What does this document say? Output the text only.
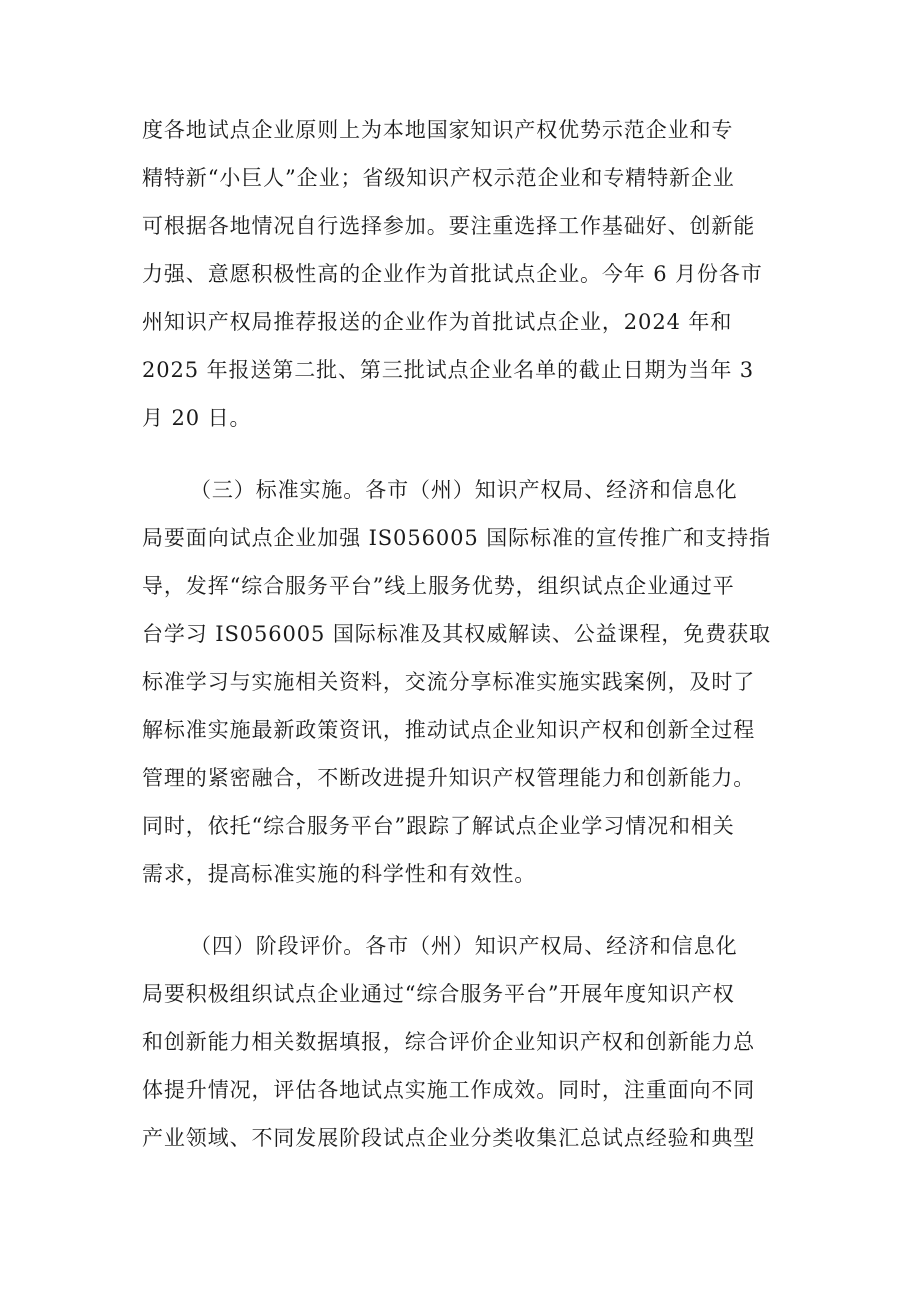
度各地试点企业原则上为本地国家知识产权优势示范企业和专
精特新“小巨人”企业；省级知识产权示范企业和专精特新企业
可根据各地情况自行选择参加。要注重选择工作基础好、创新能
力强、意愿积极性高的企业作为首批试点企业。今年 6 月份各市
州知识产权局推荐报送的企业作为首批试点企业，2024 年和
2025 年报送第二批、第三批试点企业名单的截止日期为当年 3
月 20 日。
（三）标准实施。各市（州）知识产权局、经济和信息化
局要面向试点企业加强 IS056005 国际标准的宣传推广和支持指
导，发挥“综合服务平台”线上服务优势，组织试点企业通过平
台学习 IS056005 国际标准及其权威解读、公益课程，免费获取
标准学习与实施相关资料，交流分享标准实施实践案例，及时了
解标准实施最新政策资讯，推动试点企业知识产权和创新全过程
管理的紧密融合，不断改进提升知识产权管理能力和创新能力。
同时，依托“综合服务平台”跟踪了解试点企业学习情况和相关
需求，提高标准实施的科学性和有效性。
（四）阶段评价。各市（州）知识产权局、经济和信息化
局要积极组织试点企业通过“综合服务平台”开展年度知识产权
和创新能力相关数据填报，综合评价企业知识产权和创新能力总
体提升情况，评估各地试点实施工作成效。同时，注重面向不同
产业领域、不同发展阶段试点企业分类收集汇总试点经验和典型
